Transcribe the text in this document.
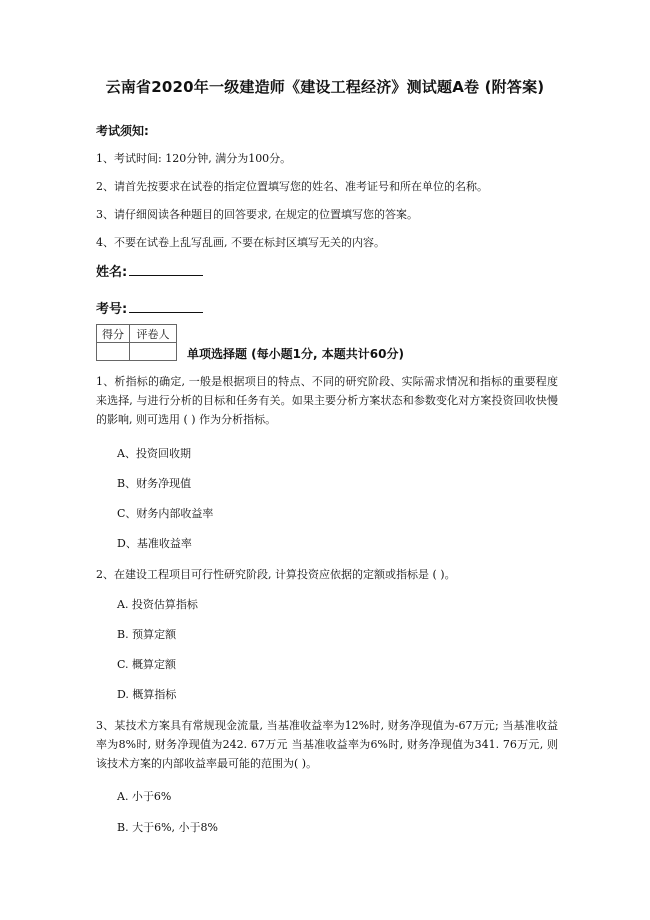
云南省2020年一级建造师《建设工程经济》测试题A卷 (附答案)
考试须知:
1、考试时间: 120分钟, 满分为100分。
2、请首先按要求在试卷的指定位置填写您的姓名、准考证号和所在单位的名称。
3、请仔细阅读各种题目的回答要求, 在规定的位置填写您的答案。
4、不要在试卷上乱写乱画, 不要在标封区填写无关的内容。
姓名:
考号:
得分	评卷人

单项选择题 (每小题1分, 本题共计60分)
1、析指标的确定, 一般是根据项目的特点、不同的研究阶段、实际需求情况和指标的重要程度来选择, 与进行分析的目标和任务有关。如果主要分析方案状态和参数变化对方案投资回收快慢的影响, 则可选用 ( ) 作为分析指标。
A、投资回收期
B、财务净现值
C、财务内部收益率
D、基准收益率
2、在建设工程项目可行性研究阶段, 计算投资应依据的定额或指标是 ( )。
A. 投资估算指标
B. 预算定额
C. 概算定额
D. 概算指标
3、某技术方案具有常规现金流量, 当基准收益率为12%时, 财务净现值为-67万元; 当基准收益率为8%时, 财务净现值为242. 67万元 当基准收益率为6%时, 财务净现值为341. 76万元, 则该技术方案的内部收益率最可能的范围为( )。
A. 小于6%
B. 大于6%, 小于8%
